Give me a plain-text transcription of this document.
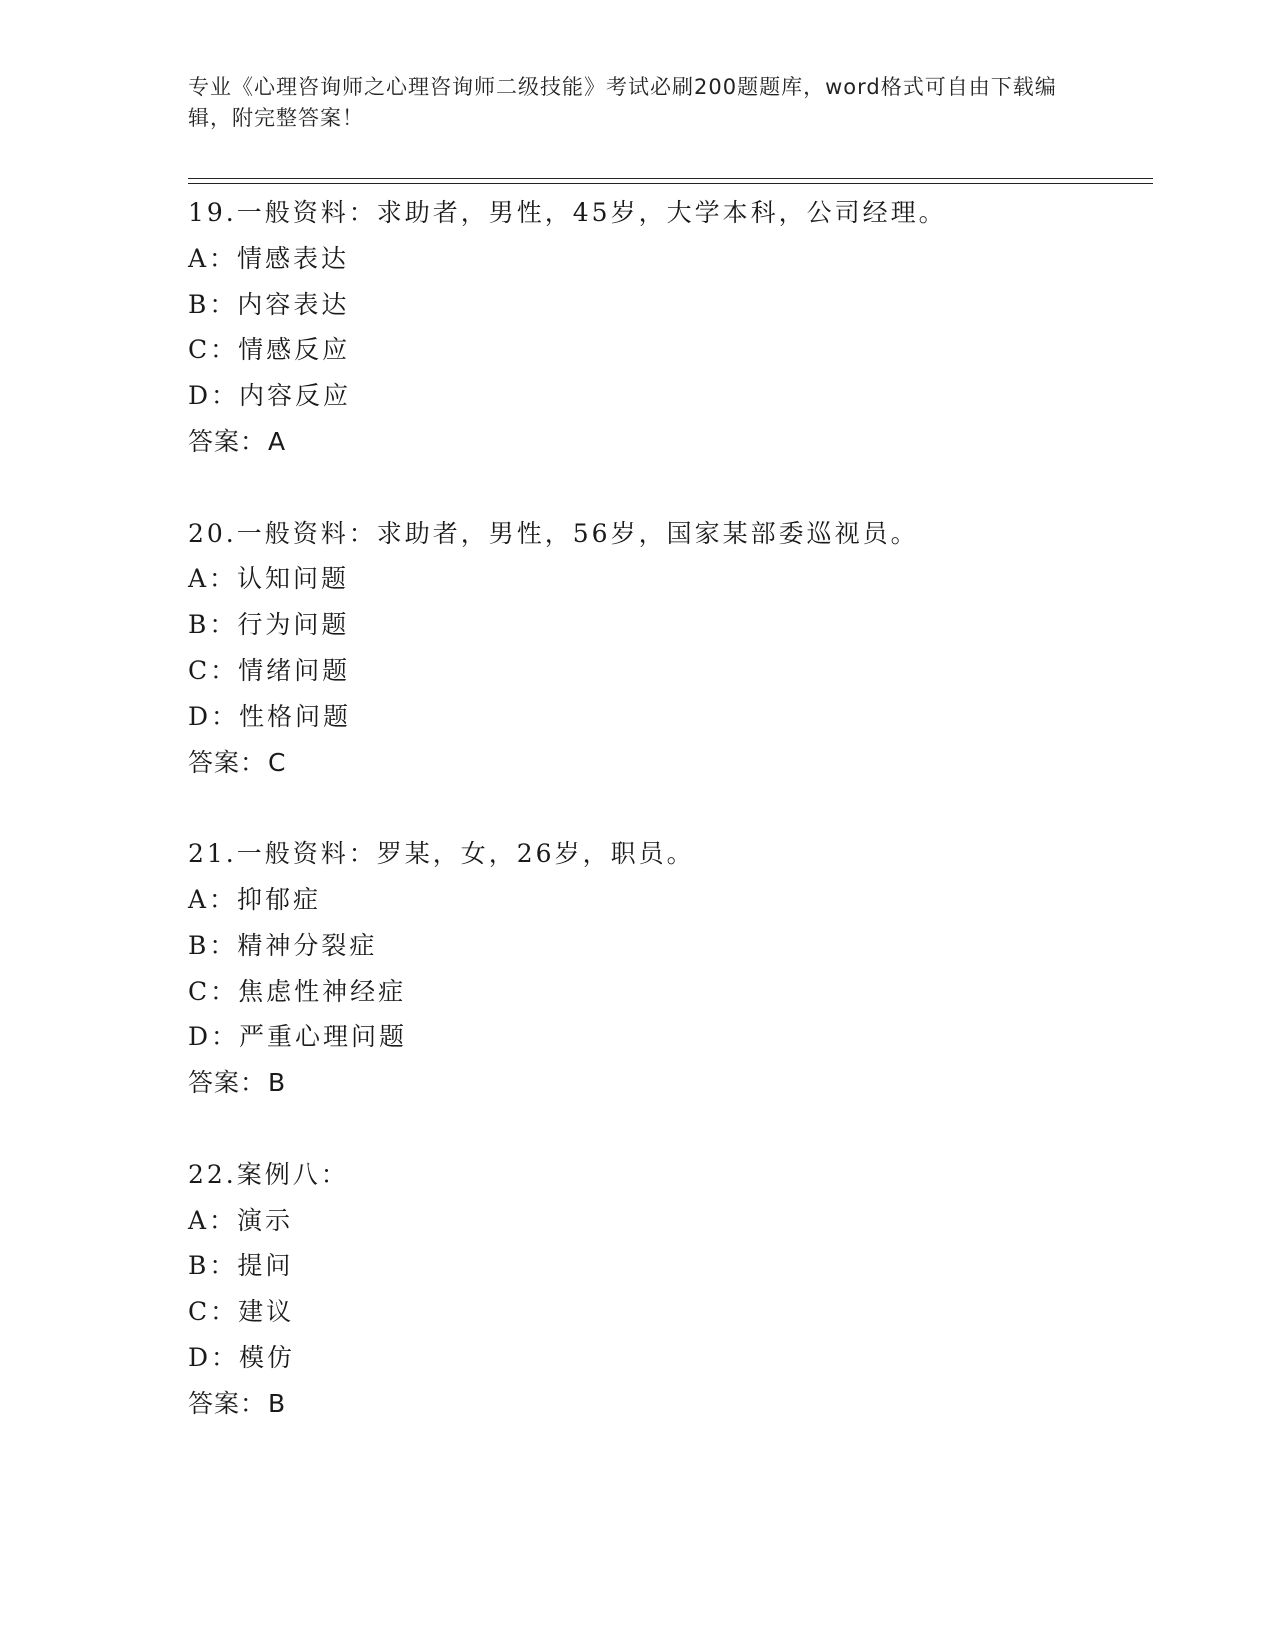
专业《心理咨询师之心理咨询师二级技能》考试必刷200题题库，word格式可自由下载编辑，附完整答案！
19.一般资料：求助者，男性，45岁，大学本科，公司经理。
A：情感表达
B：内容表达
C：情感反应
D：内容反应
答案：A
20.一般资料：求助者，男性，56岁，国家某部委巡视员。
A：认知问题
B：行为问题
C：情绪问题
D：性格问题
答案：C
21.一般资料：罗某，女，26岁，职员。
A：抑郁症
B：精神分裂症
C：焦虑性神经症
D：严重心理问题
答案：B
22.案例八：
A：演示
B：提问
C：建议
D：模仿
答案：B
